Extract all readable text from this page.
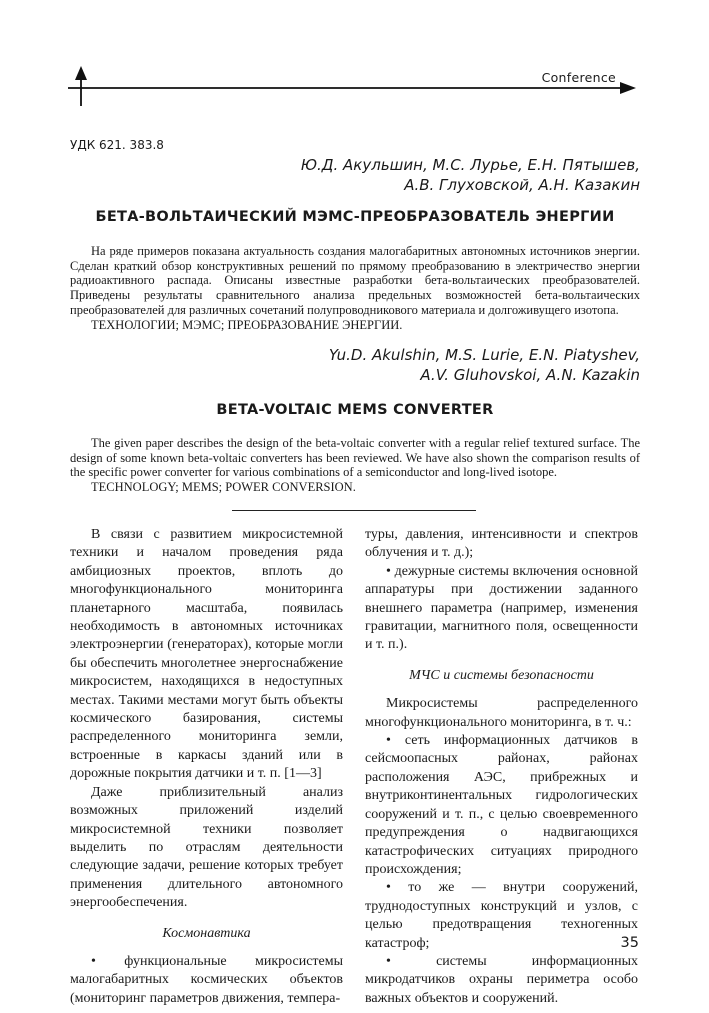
Conference
УДК 621. 383.8
Ю.Д. Акульшин, М.С. Лурье, Е.Н. Пятышев,
А.В. Глуховской, А.Н. Казакин
БЕТА-ВОЛЬТАИЧЕСКИЙ МЭМС-ПРЕОБРАЗОВАТЕЛЬ ЭНЕРГИИ

На ряде примеров показана актуальность создания малогабаритных автономных источников энергии. Сделан краткий обзор конструктивных решений по прямому преобразованию в электричество энергии радиоактивного распада. Описаны известные разработки бета-вольтаических преобразователей. Приведены результаты сравнительного анализа предельных возможностей бета-вольтаических преобразователей для различных сочетаний полупроводникового материала и долгоживущего изотопа.

ТЕХНОЛОГИИ; МЭМС; ПРЕОБРАЗОВАНИЕ ЭНЕРГИИ.

Yu.D. Akulshin, M.S. Lurie, E.N. Piatyshev,
A.V. Gluhovskoi, A.N. Kazakin
BETA-VOLTAIC MEMS CONVERTER

The given paper describes the design of the beta-voltaic converter with a regular relief textured surface. The design of some known beta-voltaic converters has been reviewed. We have also shown the comparison results of the specific power converter for various combinations of a semiconductor and long-lived isotope.

TECHNOLOGY; MEMS; POWER CONVERSION.

В связи с развитием микросистемной техники и началом проведения ряда амбициозных проектов, вплоть до многофункционального мониторинга планетарного масштаба, появилась необходимость в автономных источниках электроэнергии (генераторах), которые могли бы обеспечить многолетнее энергоснабжение микросистем, находящихся в недоступных местах. Такими местами могут быть объекты космического базирования, системы распределенного мониторинга земли, встроенные в каркасы зданий или в дорожные покрытия датчики и т. п. [1—3]

Даже приблизительный анализ возможных приложений изделий микросистемной техники позволяет выделить по отраслям деятельности следующие задачи, решение которых требует применения длительного автономного энергообеспечения.

Космонавтика

• функциональные микросистемы малогабаритных космических объектов (мониторинг параметров движения, темпера-

туры, давления, интенсивности и спектров облучения и т. д.);

• дежурные системы включения основной аппаратуры при достижении заданного внешнего параметра (например, изменения гравитации, магнитного поля, освещенности и т. п.).

МЧС и системы безопасности

Микросистемы распределенного многофункционального мониторинга, в т. ч.:

• сеть информационных датчиков в сейсмоопасных районах, районах расположения АЭС, прибрежных и внутриконтинентальных гидрологических сооружений и т. п., с целью своевременного предупреждения о надвигающихся катастрофических ситуациях природного происхождения;

• то же — внутри сооружений, труднодоступных конструкций и узлов, с целью предотвращения техногенных катастроф;

• системы информационных микродатчиков охраны периметра особо важных объектов и сооружений.

35
